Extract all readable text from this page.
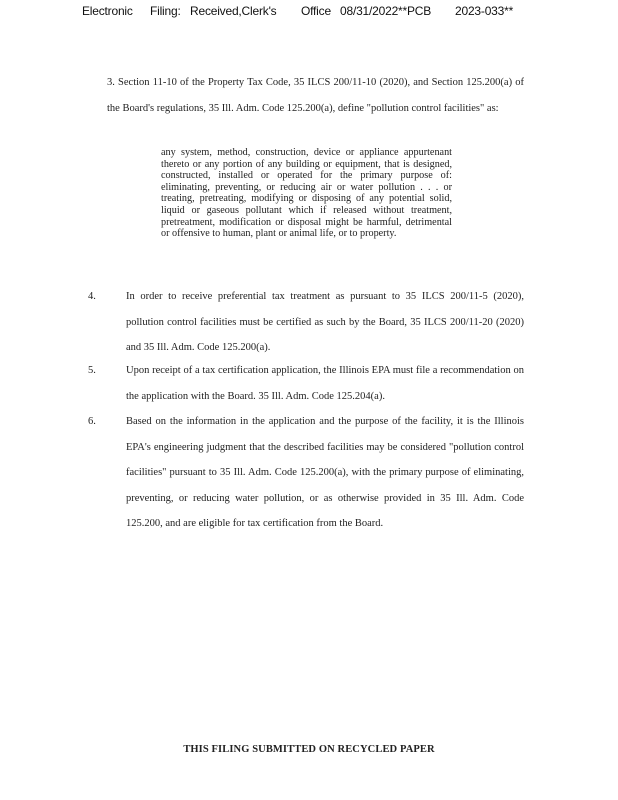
Electronic Filing: Received,Clerk's Office 08/31/2022**PCB 2023-033**
3. Section 11-10 of the Property Tax Code, 35 ILCS 200/11-10 (2020), and Section 125.200(a) of the Board's regulations, 35 Ill. Adm. Code 125.200(a), define "pollution control facilities" as:
any system, method, construction, device or appliance appurtenant thereto or any portion of any building or equipment, that is designed, constructed, installed or operated for the primary purpose of: eliminating, preventing, or reducing air or water pollution . . . or treating, pretreating, modifying or disposing of any potential solid, liquid or gaseous pollutant which if released without treatment, pretreatment, modification or disposal might be harmful, detrimental or offensive to human, plant or animal life, or to property.
4.	In order to receive preferential tax treatment as pursuant to 35 ILCS 200/11-5 (2020), pollution control facilities must be certified as such by the Board, 35 ILCS 200/11-20 (2020) and 35 Ill. Adm. Code 125.200(a).
5.	Upon receipt of a tax certification application, the Illinois EPA must file a recommendation on the application with the Board. 35 Ill. Adm. Code 125.204(a).
6.	Based on the information in the application and the purpose of the facility, it is the Illinois EPA's engineering judgment that the described facilities may be considered "pollution control facilities" pursuant to 35 Ill. Adm. Code 125.200(a), with the primary purpose of eliminating, preventing, or reducing water pollution, or as otherwise provided in 35 Ill. Adm. Code 125.200, and are eligible for tax certification from the Board.
THIS FILING SUBMITTED ON RECYCLED PAPER
